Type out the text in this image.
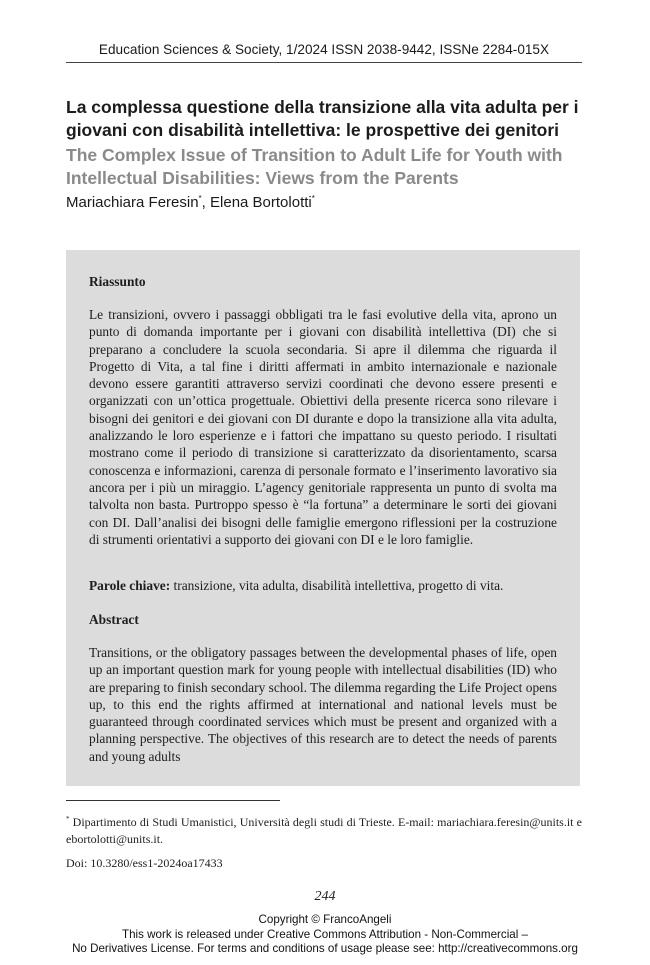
Education Sciences & Society, 1/2024 ISSN 2038-9442, ISSNe 2284-015X
La complessa questione della transizione alla vita adulta per i giovani con disabilità intellettiva: le prospettive dei genitori
The Complex Issue of Transition to Adult Life for Youth with Intellectual Disabilities: Views from the Parents
Mariachiara Feresin*, Elena Bortolotti*
Riassunto
Le transizioni, ovvero i passaggi obbligati tra le fasi evolutive della vita, aprono un punto di domanda importante per i giovani con disabilità intellettiva (DI) che si preparano a concludere la scuola secondaria. Si apre il dilemma che riguarda il Progetto di Vita, a tal fine i diritti affermati in ambito internazionale e nazionale devono essere garantiti attraverso servizi coordinati che devono essere presenti e organizzati con un’ottica progettuale. Obiettivi della presente ricerca sono rilevare i bisogni dei genitori e dei giovani con DI durante e dopo la transizione alla vita adulta, analizzando le loro esperienze e i fattori che impattano su questo periodo. I risultati mostrano come il periodo di transizione si caratterizzato da disorientamento, scarsa conoscenza e informazioni, carenza di personale formato e l’inserimento lavorativo sia ancora per i più un miraggio. L’agency genitoriale rappresenta un punto di svolta ma talvolta non basta. Purtroppo spesso è “la fortuna” a determinare le sorti dei giovani con DI. Dall’analisi dei bisogni delle famiglie emergono riflessioni per la costruzione di strumenti orientativi a supporto dei giovani con DI e le loro famiglie.
Parole chiave: transizione, vita adulta, disabilità intellettiva, progetto di vita.
Abstract
Transitions, or the obligatory passages between the developmental phases of life, open up an important question mark for young people with intellectual disabilities (ID) who are preparing to finish secondary school. The dilemma regarding the Life Project opens up, to this end the rights affirmed at international and national levels must be guaranteed through coordinated services which must be present and organized with a planning perspective. The objectives of this research are to detect the needs of parents and young adults
* Dipartimento di Studi Umanistici, Università degli studi di Trieste. E-mail: mariachiara.feresin@units.it e ebortolotti@units.it.
Doi: 10.3280/ess1-2024oa17433
244
Copyright © FrancoAngeli
This work is released under Creative Commons Attribution - Non-Commercial –
No Derivatives License. For terms and conditions of usage please see: http://creativecommons.org
